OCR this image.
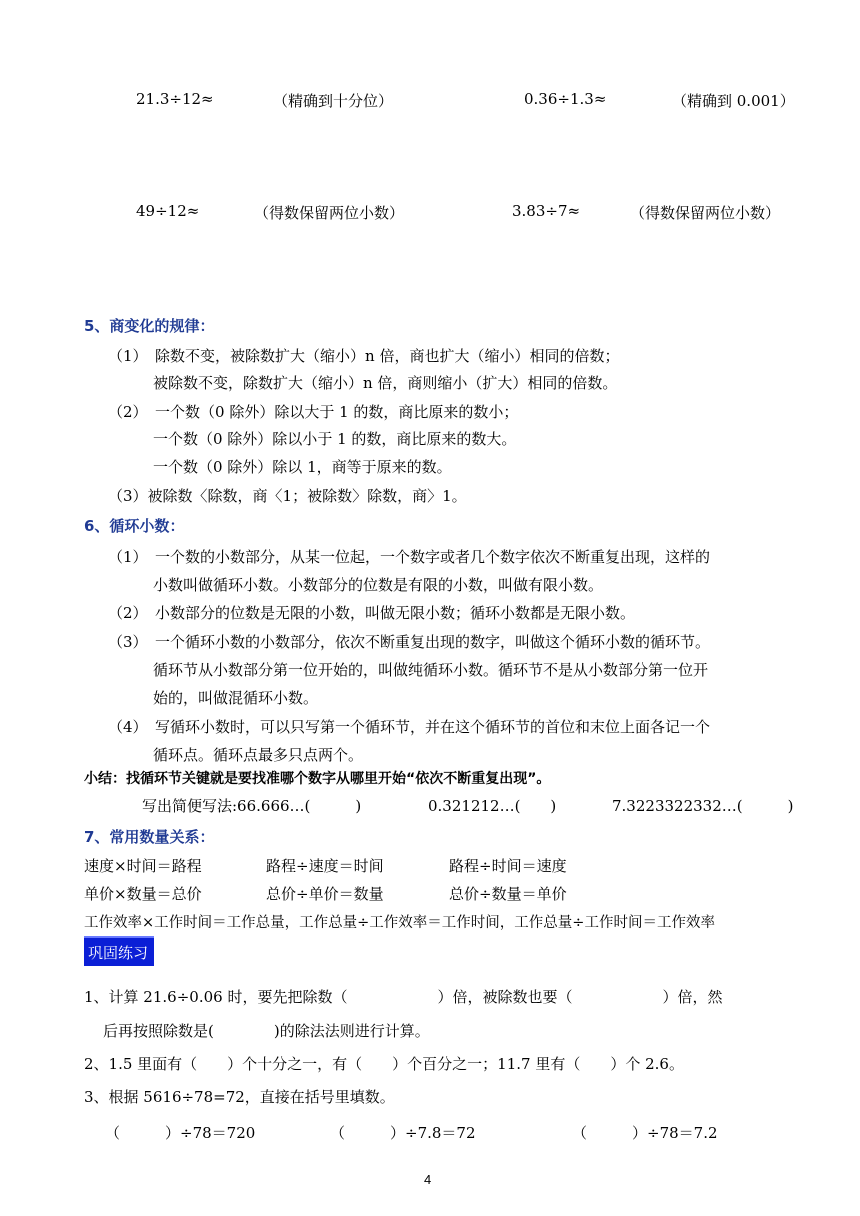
21.3÷12≈	（精确到十分位）	0.36÷1.3≈	（精确到 0.001）
49÷12≈	（得数保留两位小数）	3.83÷7≈	（得数保留两位小数）
5、商变化的规律：
（1）　除数不变，被除数扩大（缩小）n 倍，商也扩大（缩小）相同的倍数；
被除数不变，除数扩大（缩小）n 倍，商则缩小（扩大）相同的倍数。
（2）　一个数（0 除外）除以大于 1 的数，商比原来的数小；
一个数（0 除外）除以小于 1 的数，商比原来的数大。
一个数（0 除外）除以 1，商等于原来的数。
（3）被除数〈除数，商〈1；被除数〉除数，商〉1。
6、循环小数：
（1）　一个数的小数部分，从某一位起，一个数字或者几个数字依次不断重复出现，这样的
小数叫做循环小数。小数部分的位数是有限的小数，叫做有限小数。
（2）　小数部分的位数是无限的小数，叫做无限小数；循环小数都是无限小数。
（3）　一个循环小数的小数部分，依次不断重复出现的数字，叫做这个循环小数的循环节。
循环节从小数部分第一位开始的，叫做纯循环小数。循环节不是从小数部分第一位开
始的，叫做混循环小数。
（4）　写循环小数时，可以只写第一个循环节，并在这个循环节的首位和末位上面各记一个
循环点。循环点最多只点两个。
小结：找循环节关键就是要找准哪个数字从哪里开始“依次不断重复出现”。
写出简便写法:66.666…(　　　)	0.321212…(　　)	7.3223322332…(　　　)
7、常用数量关系：
速度×时间＝路程	路程÷速度＝时间	路程÷时间＝速度
单价×数量＝总价	总价÷单价＝数量	总价÷数量＝单价
工作效率×工作时间＝工作总量，工作总量÷工作效率＝工作时间，工作总量÷工作时间＝工作效率
巩固练习
1、计算 21.6÷0.06 时，要先把除数（　　　　　　）倍，被除数也要（　　　　　　）倍，然
后再按照除数是(　　　　)的除法法则进行计算。
2、1.5 里面有（　　）个十分之一，有（　　）个百分之一；11.7 里有（　　）个 2.6。
3、根据 5616÷78=72，直接在括号里填数。
（　　　）÷78＝720	（　　　）÷7.8＝72	（　　　）÷78＝7.2
4
